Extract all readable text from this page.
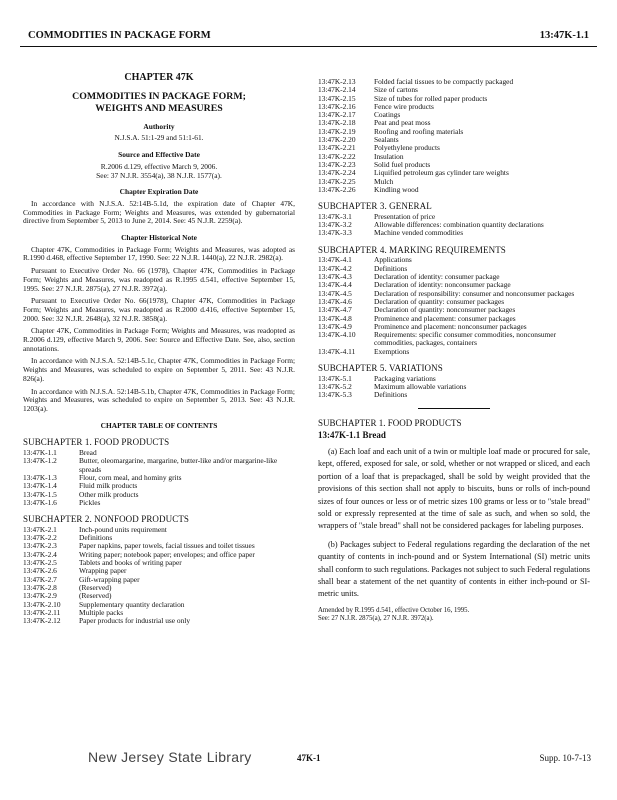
COMMODITIES IN PACKAGE FORM	13:47K-1.1
CHAPTER 47K
COMMODITIES IN PACKAGE FORM;
WEIGHTS AND MEASURES
Authority

N.J.S.A. 51:1-29 and 51:1-61.

Source and Effective Date

R.2006 d.129, effective March 9, 2006.

See: 37 N.J.R. 3554(a), 38 N.J.R. 1577(a).

Chapter Expiration Date

In accordance with N.J.S.A. 52:14B-5.1d, the expiration date of Chapter 47K, Commodities in Package Form; Weights and Measures, was extended by gubernatorial directive from September 5, 2013 to June 2, 2014. See: 45 N.J.R. 2259(a).

Chapter Historical Note

Chapter 47K, Commodities in Package Form; Weights and Measures, was adopted as R.1990 d.468, effective September 17, 1990. See: 22 N.J.R. 1440(a), 22 N.J.R. 2982(a).

Pursuant to Executive Order No. 66 (1978), Chapter 47K, Commodities in Package Form; Weights and Measures, was readopted as R.1995 d.541, effective September 15, 1995. See: 27 N.J.R. 2875(a), 27 N.J.R. 3972(a).

Pursuant to Executive Order No. 66(1978), Chapter 47K, Commodities in Package Form; Weights and Measures, was readopted as R.2000 d.416, effective September 15, 2000. See: 32 N.J.R. 2648(a), 32 N.J.R. 3858(a).

Chapter 47K, Commodities in Package Form; Weights and Measures, was readopted as R.2006 d.129, effective March 9, 2006. See: Source and Effective Date. See, also, section annotations.

In accordance with N.J.S.A. 52:14B-5.1c, Chapter 47K, Commodities in Package Form; Weights and Measures, was scheduled to expire on September 5, 2011. See: 43 N.J.R. 826(a).

In accordance with N.J.S.A. 52:14B-5.1b, Chapter 47K, Commodities in Package Form; Weights and Measures, was scheduled to expire on September 5, 2013. See: 43 N.J.R. 1203(a).

CHAPTER TABLE OF CONTENTS
SUBCHAPTER 1. FOOD PRODUCTS
13:47K-1.1	Bread
13:47K-1.2	Butter, oleomargarine, margarine, butter-like and/or margarine-like spreads
13:47K-1.3	Flour, corn meal, and hominy grits
13:47K-1.4	Fluid milk products
13:47K-1.5	Other milk products
13:47K-1.6	Pickles
SUBCHAPTER 2. NONFOOD PRODUCTS
13:47K-2.1	Inch-pound units requirement
13:47K-2.2	Definitions
13:47K-2.3	Paper napkins, paper towels, facial tissues and toilet tissues
13:47K-2.4	Writing paper; notebook paper; envelopes; and office paper
13:47K-2.5	Tablets and books of writing paper
13:47K-2.6	Wrapping paper
13:47K-2.7	Gift-wrapping paper
13:47K-2.8	(Reserved)
13:47K-2.9	(Reserved)
13:47K-2.10	Supplementary quantity declaration
13:47K-2.11	Multiple packs
13:47K-2.12	Paper products for industrial use only
13:47K-2.13	Folded facial tissues to be compactly packaged
13:47K-2.14	Size of cartons
13:47K-2.15	Size of tubes for rolled paper products
13:47K-2.16	Fence wire products
13:47K-2.17	Coatings
13:47K-2.18	Peat and peat moss
13:47K-2.19	Roofing and roofing materials
13:47K-2.20	Sealants
13:47K-2.21	Polyethylene products
13:47K-2.22	Insulation
13:47K-2.23	Solid fuel products
13:47K-2.24	Liquified petroleum gas cylinder tare weights
13:47K-2.25	Mulch
13:47K-2.26	Kindling wood
SUBCHAPTER 3. GENERAL
13:47K-3.1	Presentation of price
13:47K-3.2	Allowable differences: combination quantity declarations
13:47K-3.3	Machine vended commodities
SUBCHAPTER 4. MARKING REQUIREMENTS
13:47K-4.1	Applications
13:47K-4.2	Definitions
13:47K-4.3	Declaration of identity: consumer package
13:47K-4.4	Declaration of identity: nonconsumer package
13:47K-4.5	Declaration of responsibility: consumer and nonconsumer packages
13:47K-4.6	Declaration of quantity: consumer packages
13:47K-4.7	Declaration of quantity: nonconsumer packages
13:47K-4.8	Prominence and placement: consumer packages
13:47K-4.9	Prominence and placement: nonconsumer packages
13:47K-4.10	Requirements: specific consumer commodities, nonconsumer commodities, packages, containers
13:47K-4.11	Exemptions
SUBCHAPTER 5. VARIATIONS
13:47K-5.1	Packaging variations
13:47K-5.2	Maximum allowable variations
13:47K-5.3	Definitions
SUBCHAPTER 1. FOOD PRODUCTS
13:47K-1.1 Bread

(a) Each loaf and each unit of a twin or multiple loaf made or procured for sale, kept, offered, exposed for sale, or sold, whether or not wrapped or sliced, and each portion of a loaf that is prepackaged, shall be sold by weight provided that the provisions of this section shall not apply to biscuits, buns or rolls of inch-pound sizes of four ounces or less or of metric sizes 100 grams or less or to "stale bread" sold or expressly represented at the time of sale as such, and when so sold, the wrappers of "stale bread" shall not be considered packages for labeling purposes.

(b) Packages subject to Federal regulations regarding the declaration of the net quantity of contents in inch-pound and or System International (SI) metric units shall conform to such regulations. Packages not subject to such Federal regulations shall bear a statement of the net quantity of contents in either inch-pound or SI-metric units.

Amended by R.1995 d.541, effective October 16, 1995.
See: 27 N.J.R. 2875(a), 27 N.J.R. 3972(a).

New Jersey State Library	47K-1	Supp. 10-7-13
